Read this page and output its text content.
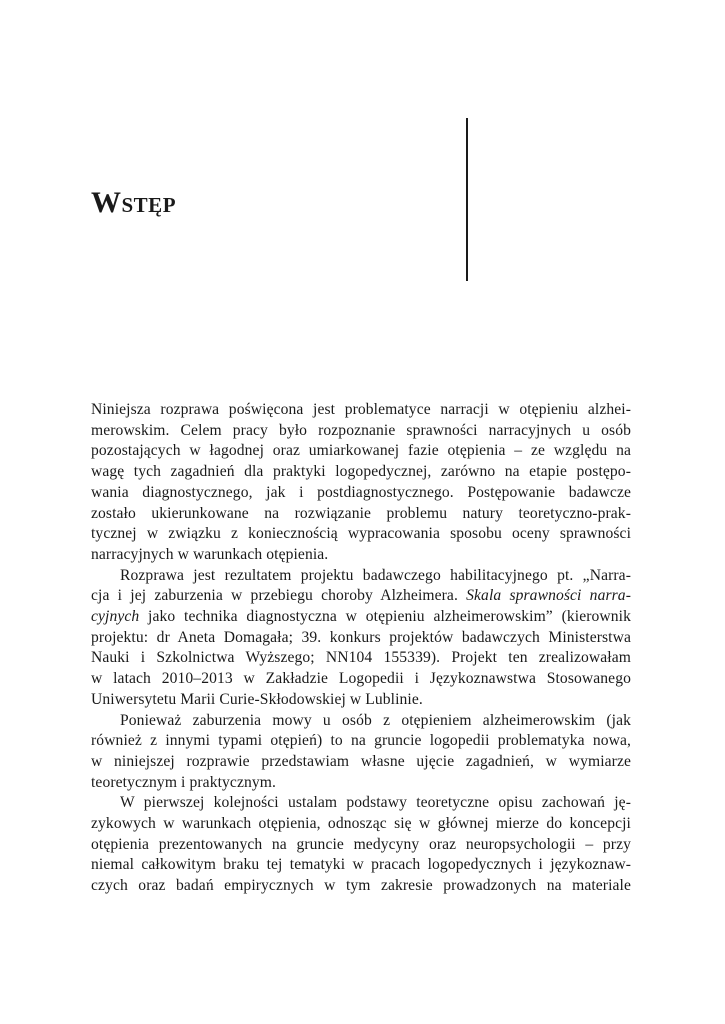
Wstęp
Niniejsza rozprawa poświęcona jest problematyce narracji w otępieniu alzhei-
merowskim. Celem pracy było rozpoznanie sprawności narracyjnych u osób
pozostających w łagodnej oraz umiarkowanej fazie otępienia – ze względu na
wagę tych zagadnień dla praktyki logopedycznej, zarówno na etapie postępo-
wania diagnostycznego, jak i postdiagnostycznego. Postępowanie badawcze
zostało ukierunkowane na rozwiązanie problemu natury teoretyczno-prak-
tycznej w związku z koniecznością wypracowania sposobu oceny sprawności
narracyjnych w warunkach otępienia.
Rozprawa jest rezultatem projektu badawczego habilitacyjnego pt. „Narra-
cja i jej zaburzenia w przebiegu choroby Alzheimera. Skala sprawności narra-
cyjnych jako technika diagnostyczna w otępieniu alzheimerowskim” (kierownik
projektu: dr Aneta Domagała; 39. konkurs projektów badawczych Ministerstwa
Nauki i Szkolnictwa Wyższego; NN104 155339). Projekt ten zrealizowałam
w latach 2010–2013 w Zakładzie Logopedii i Językoznawstwa Stosowanego
Uniwersytetu Marii Curie-Skłodowskiej w Lublinie.
Ponieważ zaburzenia mowy u osób z otępieniem alzheimerowskim (jak
również z innymi typami otępień) to na gruncie logopedii problematyka nowa,
w niniejszej rozprawie przedstawiam własne ujęcie zagadnień, w wymiarze
teoretycznym i praktycznym.
W pierwszej kolejności ustalam podstawy teoretyczne opisu zachowań ję-
zykowych w warunkach otępienia, odnosząc się w głównej mierze do koncepcji
otępienia prezentowanych na gruncie medycyny oraz neuropsychologii – przy
niemal całkowitym braku tej tematyki w pracach logopedycznych i językoznaw-
czych oraz badań empirycznych w tym zakresie prowadzonych na materiale
